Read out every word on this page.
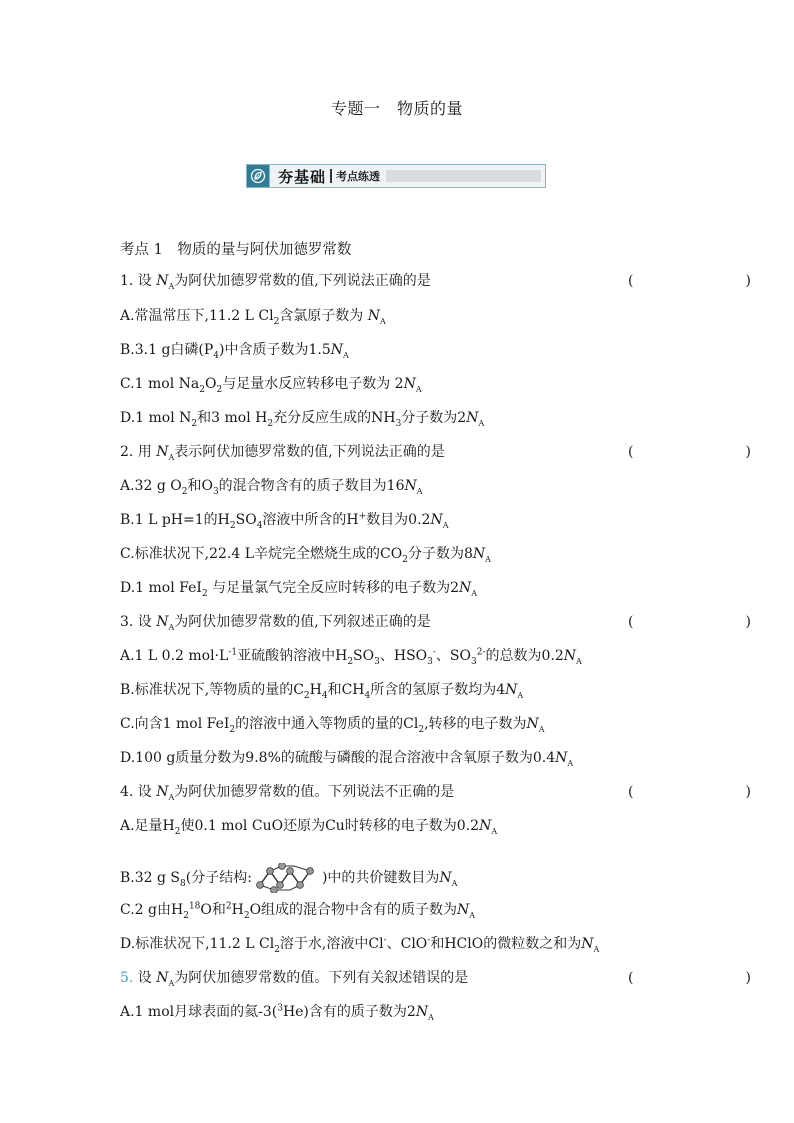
专题一　物质的量
夯基础 考点练透
考点 1　物质的量与阿伏加德罗常数
1. 设 $N_A$为阿伏加德罗常数的值,下列说法正确的是	(　　)
A.常温常压下,11.2 L $Cl_2$含氯原子数为 $N_A$
B.3.1 g白磷$(P_4)$中含质子数为$1.5N_A$
C.1 mol $Na_2O_2$与足量水反应转移电子数为 $2N_A$
D.1 mol $N_2$和3 mol $H_2$充分反应生成的$NH_3$分子数为$2N_A$
2. 用 $N_A$表示阿伏加德罗常数的值,下列说法正确的是	(　　)
A.32 g $O_2$和$O_3$的混合物含有的质子数目为$16N_A$
B.1 L pH=1的$H_2SO_4$溶液中所含的H+数目为$0.2N_A$
C.标准状况下,22.4 L辛烷完全燃烧生成的$CO_2$分子数为$8N_A$
D.1 mol FeI$_2$ 与足量氯气完全反应时转移的电子数为$2N_A$
3. 设 $N_A$为阿伏加德罗常数的值,下列叙述正确的是	(　　)
A.1 L 0.2 $mol\cdot L^{-1}$亚硫酸钠溶液中$H_2SO_3$、$HSO_3^-$、$SO_3^{2-}$的总数为$0.2N_A$
B.标准状况下,等物质的量的$C_2H_4$和$CH_4$所含的氢原子数均为$4N_A$
C.向含1 mol FeI$_2$的溶液中通入等物质的量的$Cl_2$,转移的电子数为$N_A$
D.100 g质量分数为9.8%的硫酸与磷酸的混合溶液中含氧原子数为$0.4N_A$
4. 设 $N_A$为阿伏加德罗常数的值。下列说法不正确的是	(　　)
A.足量$H_2$使0.1 mol CuO还原为Cu时转移的电子数为$0.2N_A$
B.32 g $S_8$(分子结构:	)中的共价键数目为$N_A$
C.2 g由$H_2^{18}O$和$^2H_2O$组成的混合物中含有的质子数为$N_A$
D.标准状况下,11.2 L $Cl_2$溶于水,溶液中Cl-、ClO-和HClO的微粒数之和为$N_A$
5. 设 $N_A$为阿伏加德罗常数的值。下列有关叙述错误的是	(　　)
A.1 mol月球表面的氦-3($^3$He)含有的质子数为$2N_A$
